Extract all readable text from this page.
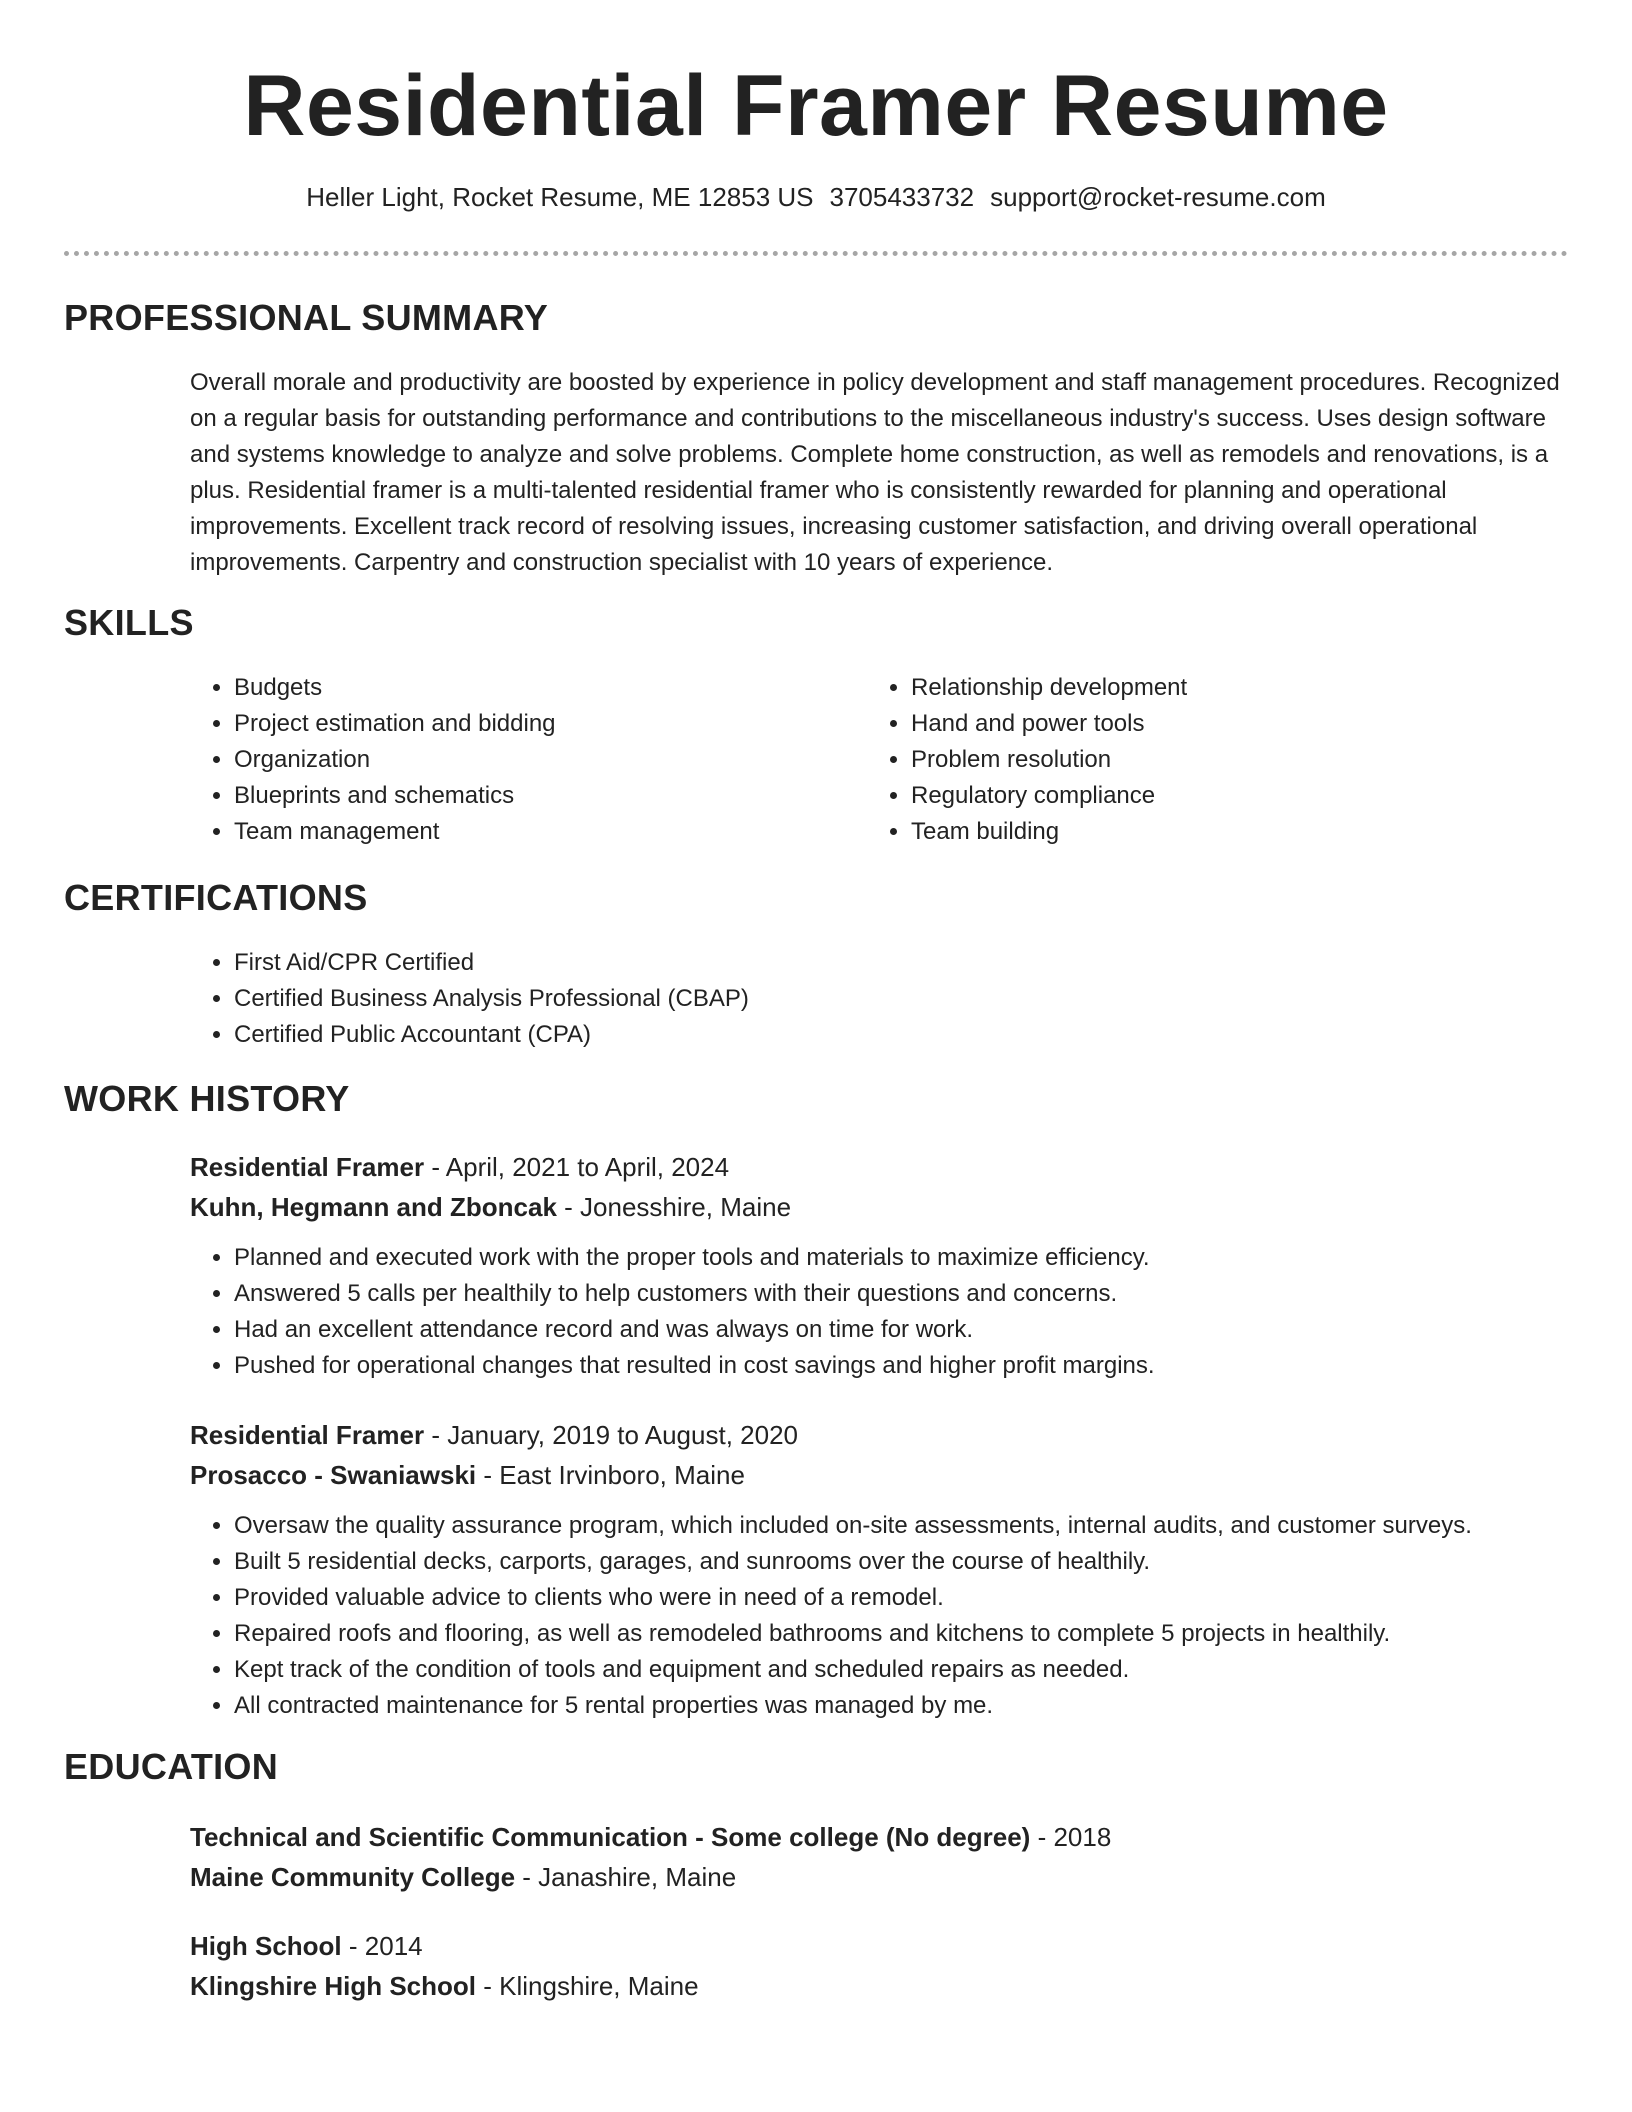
Residential Framer Resume
Heller Light, Rocket Resume, ME 12853 US 3705433732 support@rocket-resume.com
PROFESSIONAL SUMMARY
Overall morale and productivity are boosted by experience in policy development and staff management procedures. Recognized on a regular basis for outstanding performance and contributions to the miscellaneous industry's success. Uses design software and systems knowledge to analyze and solve problems. Complete home construction, as well as remodels and renovations, is a plus. Residential framer is a multi-talented residential framer who is consistently rewarded for planning and operational improvements. Excellent track record of resolving issues, increasing customer satisfaction, and driving overall operational improvements. Carpentry and construction specialist with 10 years of experience.
SKILLS
• Budgets
• Project estimation and bidding
• Organization
• Blueprints and schematics
• Team management
• Relationship development
• Hand and power tools
• Problem resolution
• Regulatory compliance
• Team building
CERTIFICATIONS
• First Aid/CPR Certified
• Certified Business Analysis Professional (CBAP)
• Certified Public Accountant (CPA)
WORK HISTORY
Residential Framer - April, 2021 to April, 2024
Kuhn, Hegmann and Zboncak - Jonesshire, Maine
• Planned and executed work with the proper tools and materials to maximize efficiency.
• Answered 5 calls per healthily to help customers with their questions and concerns.
• Had an excellent attendance record and was always on time for work.
• Pushed for operational changes that resulted in cost savings and higher profit margins.
Residential Framer - January, 2019 to August, 2020
Prosacco - Swaniawski - East Irvinboro, Maine
• Oversaw the quality assurance program, which included on-site assessments, internal audits, and customer surveys.
• Built 5 residential decks, carports, garages, and sunrooms over the course of healthily.
• Provided valuable advice to clients who were in need of a remodel.
• Repaired roofs and flooring, as well as remodeled bathrooms and kitchens to complete 5 projects in healthily.
• Kept track of the condition of tools and equipment and scheduled repairs as needed.
• All contracted maintenance for 5 rental properties was managed by me.
EDUCATION
Technical and Scientific Communication - Some college (No degree) - 2018
Maine Community College - Janashire, Maine
High School - 2014
Klingshire High School - Klingshire, Maine
